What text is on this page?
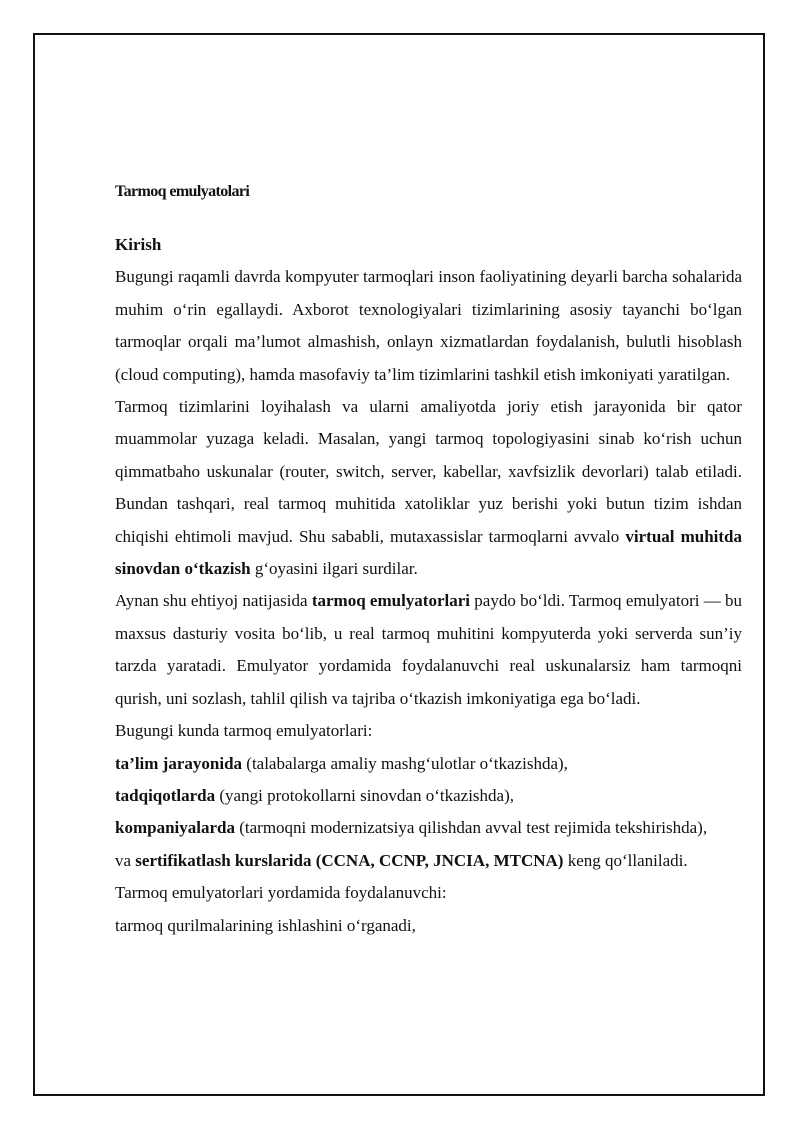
Tarmoq emulyatolari

Kirish

Bugungi raqamli davrda kompyuter tarmoqlari inson faoliyatining deyarli barcha sohalarida muhim o‘rin egallaydi. Axborot texnologiyalari tizimlarining asosiy tayanchi bo‘lgan tarmoqlar orqali ma’lumot almashish, onlayn xizmatlardan foydalanish, bulutli hisoblash (cloud computing), hamda masofaviy ta’lim tizimlarini tashkil etish imkoniyati yaratilgan.

Tarmoq tizimlarini loyihalash va ularni amaliyotda joriy etish jarayonida bir qator muammolar yuzaga keladi. Masalan, yangi tarmoq topologiyasini sinab ko‘rish uchun qimmatbaho uskunalar (router, switch, server, kabellar, xavfsizlik devorlari) talab etiladi. Bundan tashqari, real tarmoq muhitida xatoliklar yuz berishi yoki butun tizim ishdan chiqishi ehtimoli mavjud. Shu sababli, mutaxassislar tarmoqlarni avvalo virtual muhitda sinovdan o‘tkazish g‘oyasini ilgari surdilar.

Aynan shu ehtiyoj natijasida tarmoq emulyatorlari paydo bo‘ldi. Tarmoq emulyatori — bu maxsus dasturiy vosita bo‘lib, u real tarmoq muhitini kompyuterda yoki serverda sun’iy tarzda yaratadi. Emulyator yordamida foydalanuvchi real uskunalarsiz ham tarmoqni qurish, uni sozlash, tahlil qilish va tajriba o‘tkazish imkoniyatiga ega bo‘ladi.

Bugungi kunda tarmoq emulyatorlari:

ta’lim jarayonida (talabalarga amaliy mashg‘ulotlar o‘tkazishda),

tadqiqotlarda (yangi protokollarni sinovdan o‘tkazishda),

kompaniyalarda (tarmoqni modernizatsiya qilishdan avval test rejimida tekshirishda),

va sertifikatlash kurslarida (CCNA, CCNP, JNCIA, MTCNA) keng qo‘llaniladi.

Tarmoq emulyatorlari yordamida foydalanuvchi:

tarmoq qurilmalarining ishlashini o‘rganadi,
